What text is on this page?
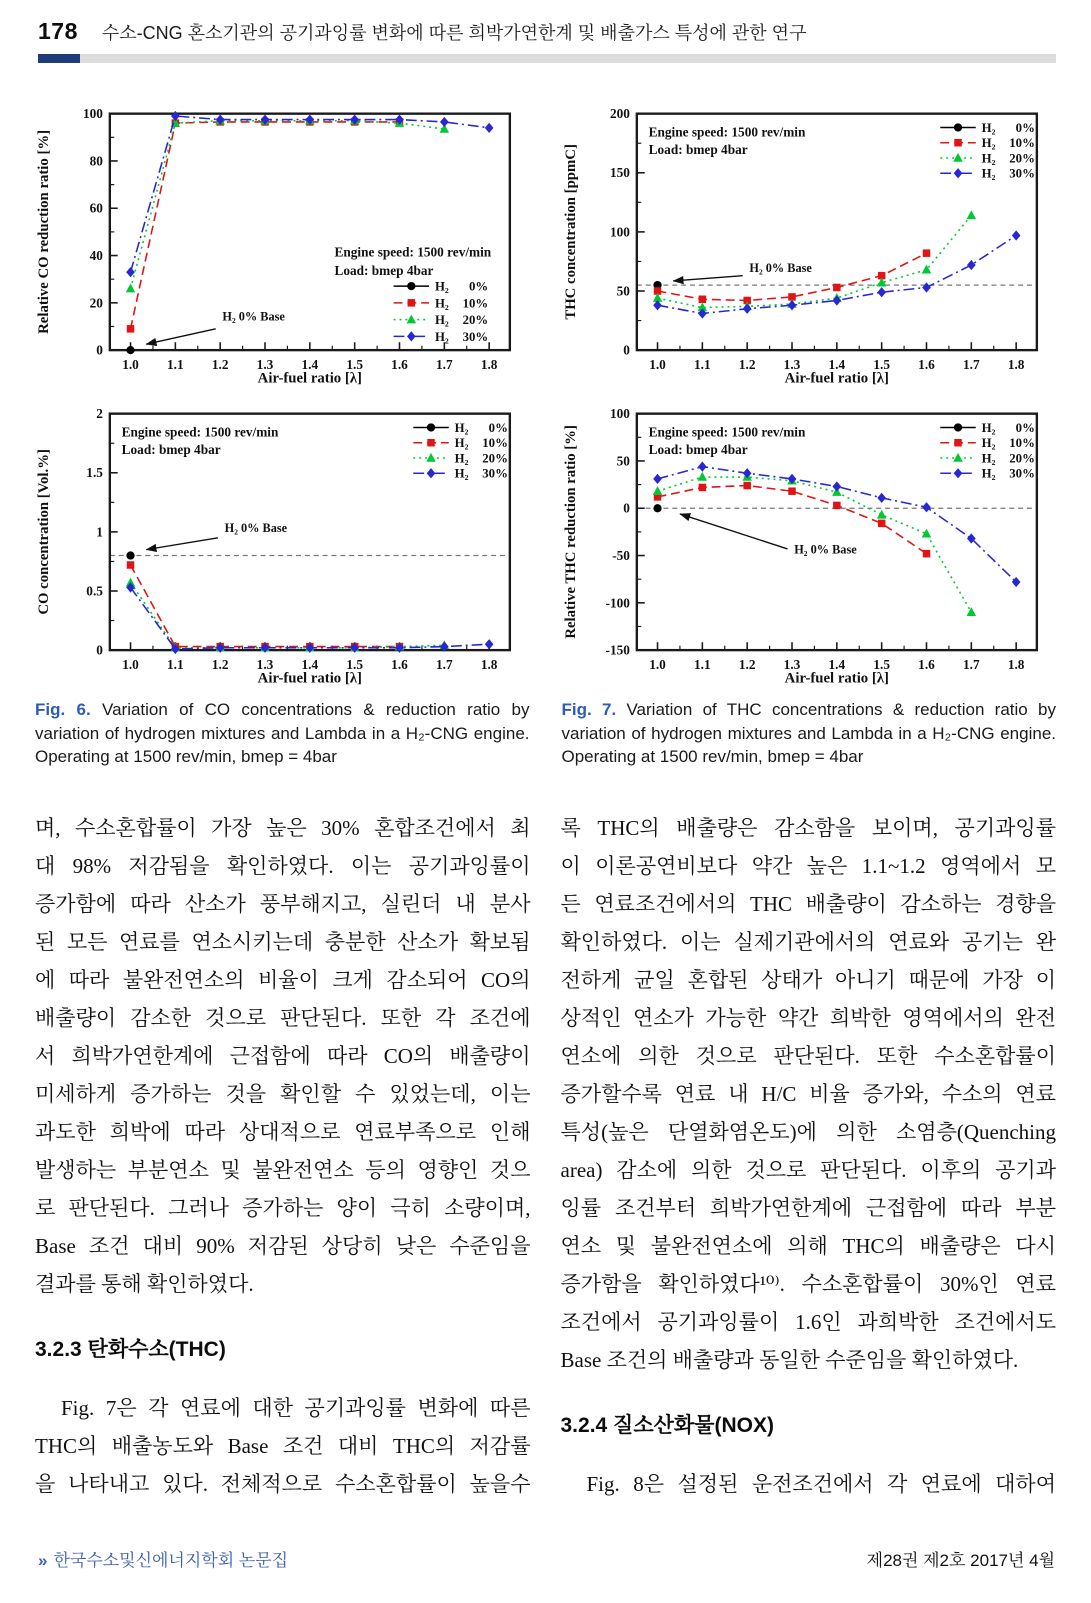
178 수소-CNG 혼소기관의 공기과잉률 변화에 따른 희박가연한계 및 배출가스 특성에 관한 연구
1.0 1.1 1.2 1.3 1.4 1.5 1.6 1.7 1.8
0
20
40
60
80
100
Air-fuel ratio [λ]
Relative CO reduction ratio [%]	Engine speed: 1500 rev/min
Load: bmep 4bar
H₂ 0%
H₂ 10%
H₂ 20%
H₂ 30%
H₂ 0% Base
1.0 1.1 1.2 1.3 1.4 1.5 1.6 1.7 1.8
0
50
100
150
200
Air-fuel ratio [λ]
THC concentration [ppmC]
Engine speed: 1500 rev/min
Load: bmep 4bar
H₂ 0%
H₂ 10%
H₂ 20%
H₂ 30%
H₂ 0% Base
1.0 1.1 1.2 1.3 1.4 1.5 1.6 1.7 1.8
0
0.5
1
1.5
2
Air-fuel ratio [λ]
CO concentration [Vol.%]
Engine speed: 1500 rev/min
Load: bmep 4bar
H₂ 0%
H₂ 10%
H₂ 20%
H₂ 30%
H₂ 0% Base
1.0 1.1 1.2 1.3 1.4 1.5 1.6 1.7 1.8
-150
-100
-50
0
50
100
Air-fuel ratio [λ]
Relative THC reduction ratio [%]	Engine speed: 1500 rev/min
Load: bmep 4bar
H₂ 0%
H₂ 10%
H₂ 20%
H₂ 30%
H₂ 0% Base
Fig. 6. Variation of CO concentrations & reduction ratio by variation of hydrogen mixtures and Lambda in a H₂-CNG engine. Operating at 1500 rev/min, bmep = 4bar
Fig. 7. Variation of THC concentrations & reduction ratio by variation of hydrogen mixtures and Lambda in a H₂-CNG engine. Operating at 1500 rev/min, bmep = 4bar
며, 수소혼합률이 가장 높은 30% 혼합조건에서 최
대 98% 저감됨을 확인하였다. 이는 공기과잉률이
증가함에 따라 산소가 풍부해지고, 실린더 내 분사
된 모든 연료를 연소시키는데 충분한 산소가 확보됨
에 따라 불완전연소의 비율이 크게 감소되어 CO의
배출량이 감소한 것으로 판단된다. 또한 각 조건에
서 희박가연한계에 근접함에 따라 CO의 배출량이
미세하게 증가하는 것을 확인할 수 있었는데, 이는
과도한 희박에 따라 상대적으로 연료부족으로 인해
발생하는 부분연소 및 불완전연소 등의 영향인 것으
로 판단된다. 그러나 증가하는 양이 극히 소량이며,
Base 조건 대비 90% 저감된 상당히 낮은 수준임을
결과를 통해 확인하였다.
3.2.3 탄화수소(THC)
Fig. 7은 각 연료에 대한 공기과잉률 변화에 따른
THC의 배출농도와 Base 조건 대비 THC의 저감률
을 나타내고 있다. 전체적으로 수소혼합률이 높을수
록 THC의 배출량은 감소함을 보이며, 공기과잉률
이 이론공연비보다 약간 높은 1.1~1.2 영역에서 모
든 연료조건에서의 THC 배출량이 감소하는 경향을
확인하였다. 이는 실제기관에서의 연료와 공기는 완
전하게 균일 혼합된 상태가 아니기 때문에 가장 이
상적인 연소가 가능한 약간 희박한 영역에서의 완전
연소에 의한 것으로 판단된다. 또한 수소혼합률이
증가할수록 연료 내 H/C 비율 증가와, 수소의 연료
특성(높은 단열화염온도)에 의한 소염층(Quenching
area) 감소에 의한 것으로 판단된다. 이후의 공기과
잉률 조건부터 희박가연한계에 근접함에 따라 부분
연소 및 불완전연소에 의해 THC의 배출량은 다시
증가함을 확인하였다¹⁰⁾. 수소혼합률이 30%인 연료
조건에서 공기과잉률이 1.6인 과희박한 조건에서도
Base 조건의 배출량과 동일한 수준임을 확인하였다.
3.2.4 질소산화물(NOX)
Fig. 8은 설정된 운전조건에서 각 연료에 대하여
» 한국수소및신에너지학회 논문집	제28권 제2호 2017년 4월
